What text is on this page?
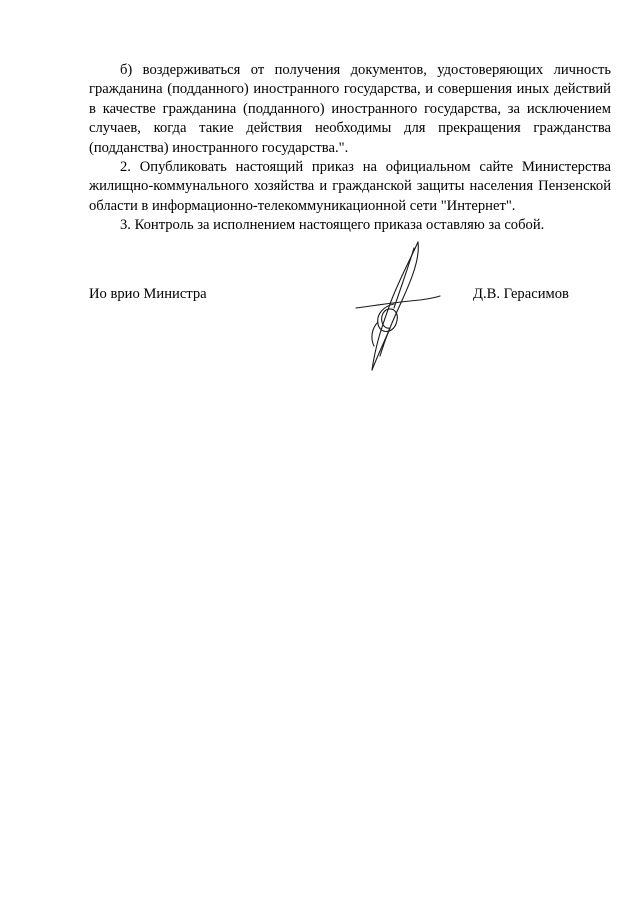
б) воздерживаться от получения документов, удостоверяющих личность гражданина (подданного) иностранного государства, и совершения иных действий в качестве гражданина (подданного) иностранного государства, за исключением случаев, когда такие действия необходимы для прекращения гражданства (подданства) иностранного государства.".

2. Опубликовать настоящий приказ на официальном сайте Министерства жилищно-коммунального хозяйства и гражданской защиты населения Пензенской области в информационно-телекоммуникационной сети "Интернет".

3. Контроль за исполнением настоящего приказа оставляю за собой.

Ио врио Министра	Д.В. Герасимов
